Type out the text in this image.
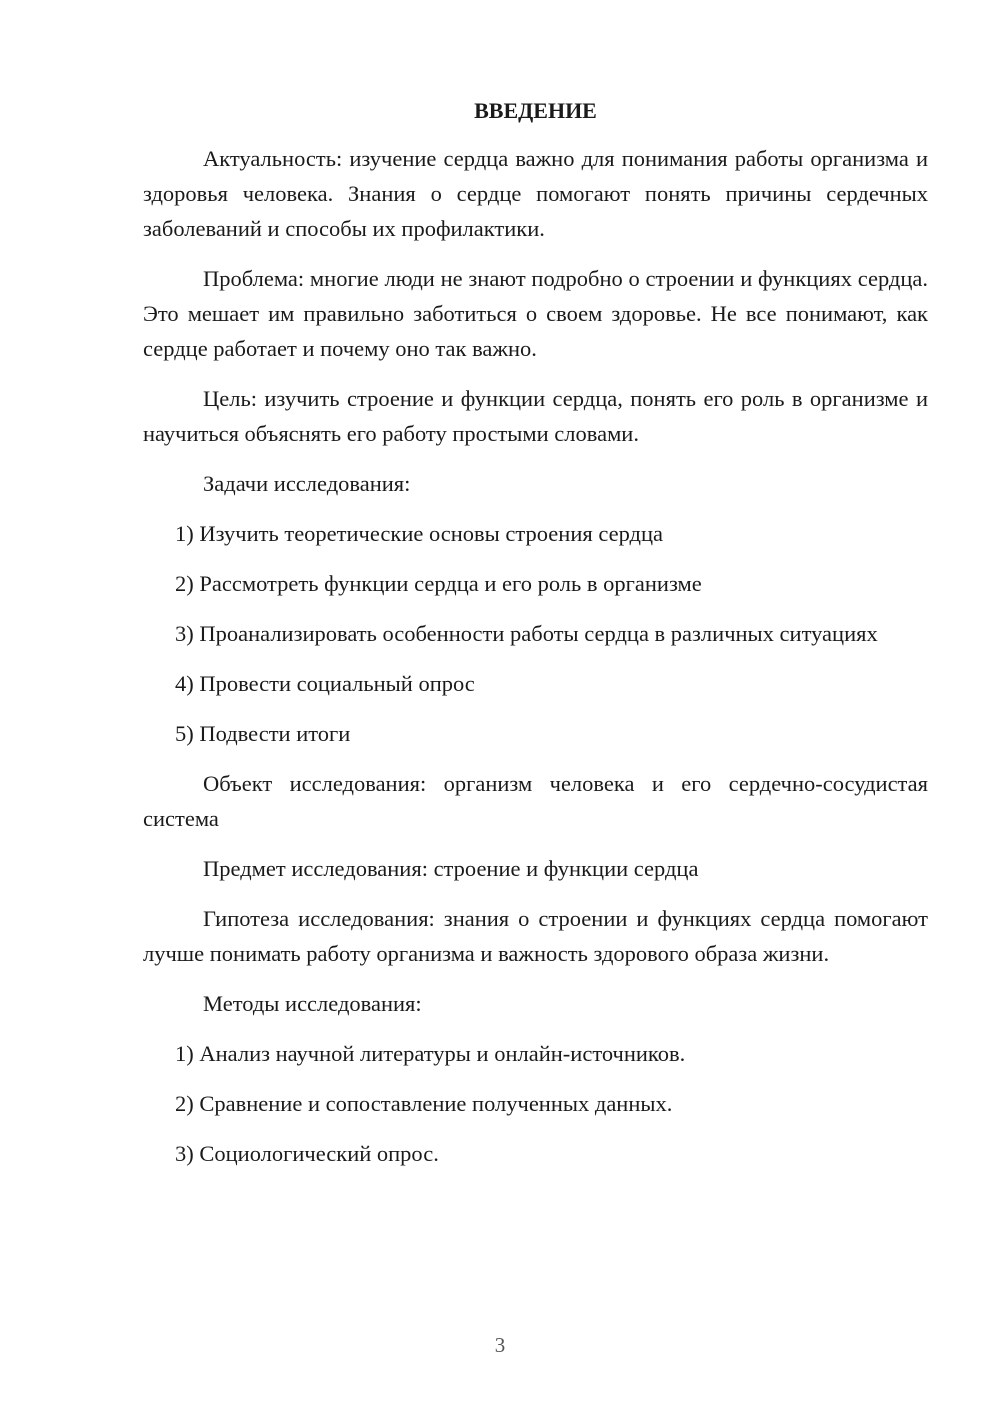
ВВЕДЕНИЕ

Актуальность: изучение сердца важно для понимания работы организма и здоровья человека. Знания о сердце помогают понять причины сердечных заболеваний и способы их профилактики.

Проблема: многие люди не знают подробно о строении и функциях сердца. Это мешает им правильно заботиться о своем здоровье. Не все понимают, как сердце работает и почему оно так важно.

Цель: изучить строение и функции сердца, понять его роль в организме и научиться объяснять его работу простыми словами.

Задачи исследования:

1) Изучить теоретические основы строения сердца

2) Рассмотреть функции сердца и его роль в организме

3) Проанализировать особенности работы сердца в различных ситуациях

4) Провести социальный опрос

5) Подвести итоги

Объект исследования: организм человека и его сердечно-сосудистая система

Предмет исследования: строение и функции сердца

Гипотеза исследования: знания о строении и функциях сердца помогают лучше понимать работу организма и важность здорового образа жизни.

Методы исследования:

1) Анализ научной литературы и онлайн-источников.

2) Сравнение и сопоставление полученных данных.

3) Социологический опрос.

3
